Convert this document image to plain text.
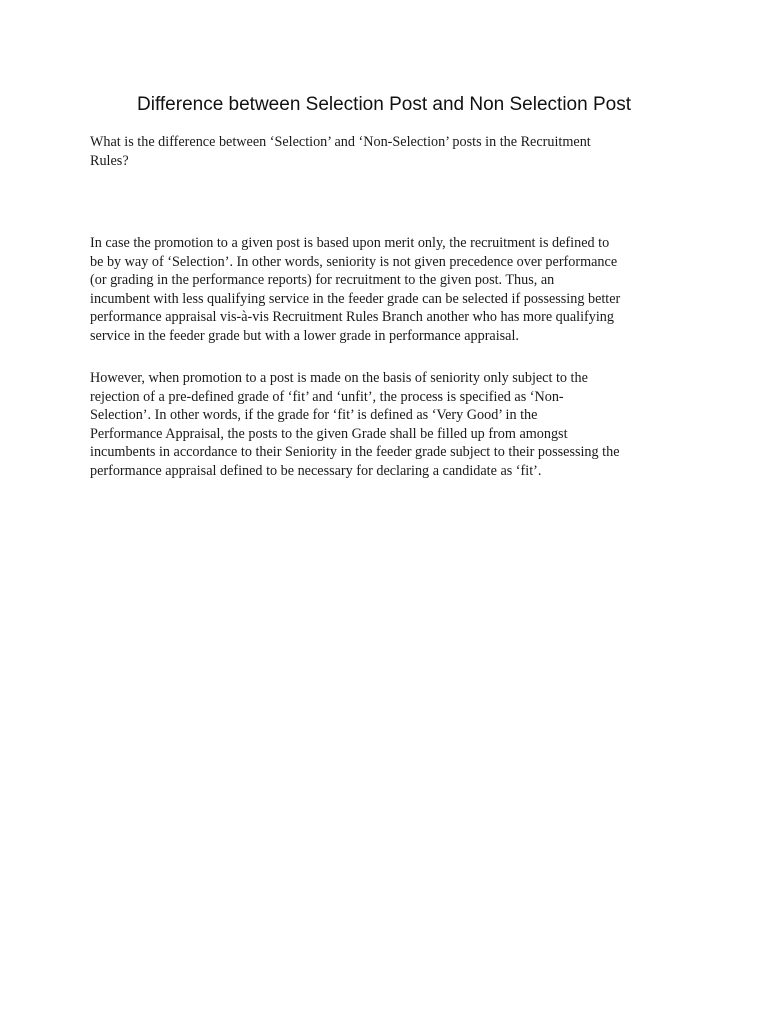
Difference between Selection Post and Non Selection Post

What is the difference between ‘Selection’ and ‘Non-Selection’ posts in the Recruitment
Rules?

In case the promotion to a given post is based upon merit only, the recruitment is defined to
be by way of ‘Selection’. In other words, seniority is not given precedence over performance
(or grading in the performance reports) for recruitment to the given post. Thus, an
incumbent with less qualifying service in the feeder grade can be selected if possessing better
performance appraisal vis-à-vis Recruitment Rules Branch another who has more qualifying
service in the feeder grade but with a lower grade in performance appraisal.

However, when promotion to a post is made on the basis of seniority only subject to the
rejection of a pre-defined grade of ‘fit’ and ‘unfit’, the process is specified as ‘Non-
Selection’. In other words, if the grade for ‘fit’ is defined as ‘Very Good’ in the
Performance Appraisal, the posts to the given Grade shall be filled up from amongst
incumbents in accordance to their Seniority in the feeder grade subject to their possessing the
performance appraisal defined to be necessary for declaring a candidate as ‘fit’.
